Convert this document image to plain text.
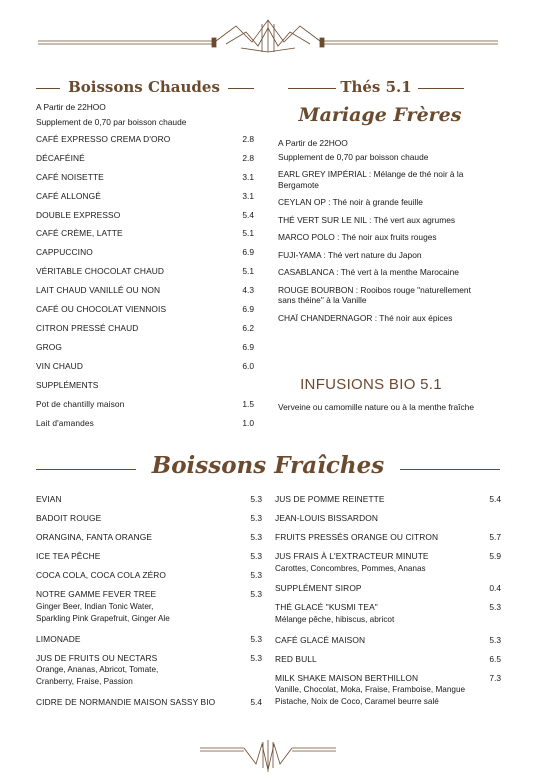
Boissons Chaudes	Thés 5.1
Mariage Frères
A Partir de 22HOO
Supplement de 0,70 par boisson chaude
CAFÉ EXPRESSO CREMA D'ORO	2.8
DÉCAFÉINÉ	2.8
CAFÉ NOISETTE	3.1
CAFÉ ALLONGÉ	3.1
DOUBLE EXPRESSO	5.4
CAFÉ CRÈME, LATTE	5.1
CAPPUCCINO	6.9
VÉRITABLE CHOCOLAT CHAUD	5.1
LAIT CHAUD VANILLÉ OU NON	4.3
CAFÉ OU CHOCOLAT VIENNOIS	6.9
CITRON PRESSÉ CHAUD	6.2
GROG	6.9
VIN CHAUD	6.0
SUPPLÉMENTS
Pot de chantilly maison	1.5
Lait d'amandes	1.0
A Partir de 22HOO
Supplement de 0,70 par boisson chaude
EARL GREY IMPÉRIAL : Mélange de thé noir à la Bergamote
CEYLAN OP : Thé noir à grande feuille
THÉ VERT SUR LE NIL : Thé vert aux agrumes
MARCO POLO : Thé noir aux fruits rouges
FUJI-YAMA : Thé vert nature du Japon
CASABLANCA : Thé vert à la menthe Marocaine
ROUGE BOURBON : Rooibos rouge "naturellement sans théine" à la Vanille
CHAÏ CHANDERNAGOR : Thé noir aux épices
INFUSIONS BIO 5.1
Verveine ou camomille nature ou à la menthe fraîche
Boissons Fraîches
EVIAN	5.3
BADOIT ROUGE	5.3
ORANGINA, FANTA ORANGE	5.3
ICE TEA PÊCHE	5.3
COCA COLA, COCA COLA ZÉRO	5.3
NOTRE GAMME FEVER TREE	5.3
Ginger Beer, Indian Tonic Water,
Sparkling Pink Grapefruit, Ginger Ale
LIMONADE	5.3
JUS DE FRUITS OU NECTARS	5.3
Orange, Ananas, Abricot, Tomate,
Cranberry, Fraise, Passion
CIDRE DE NORMANDIE MAISON SASSY BIO	5.4
JUS DE POMME REINETTE	5.4
JEAN-LOUIS BISSARDON
FRUITS PRESSÉS ORANGE OU CITRON	5.7
JUS FRAIS À L'EXTRACTEUR MINUTE	5.9
Carottes, Concombres, Pommes, Ananas
SUPPLÉMENT SIROP	0.4
THÉ GLACÉ "KUSMI TEA"	5.3
Mélange pêche, hibiscus, abricot
CAFÉ GLACÉ MAISON	5.3
RED BULL	6.5
MILK SHAKE MAISON BERTHILLON	7.3
Vanille, Chocolat, Moka, Fraise, Framboise, Mangue
Pistache, Noix de Coco, Caramel beurre salé
